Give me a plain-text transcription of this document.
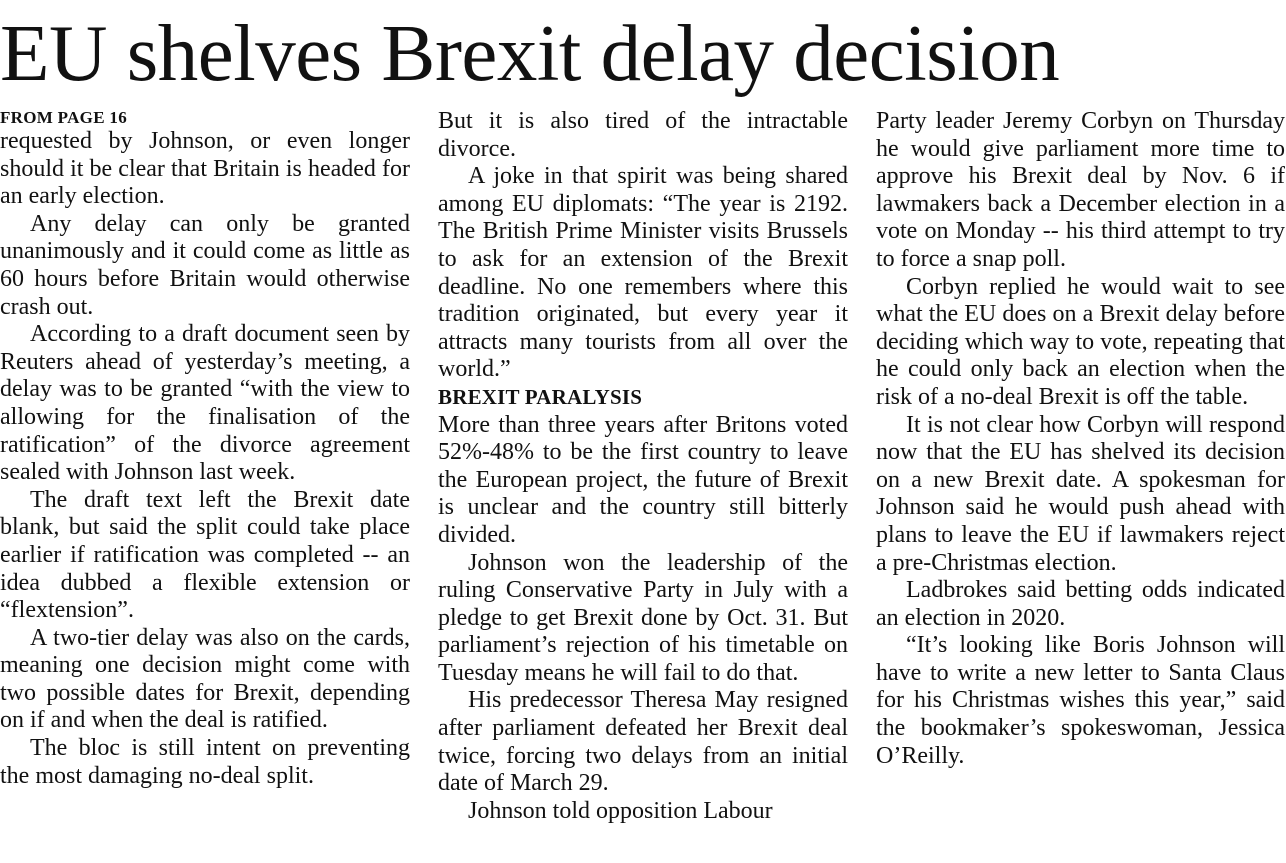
EU shelves Brexit delay decision

FROM PAGE 16

requested by Johnson, or even longer should it be clear that Britain is headed for an early election.

Any delay can only be granted unanimously and it could come as little as 60 hours before Britain would otherwise crash out.

According to a draft document seen by Reuters ahead of yesterday’s meeting, a delay was to be granted “with the view to allowing for the finalisation of the ratification” of the divorce agreement sealed with Johnson last week.

The draft text left the Brexit date blank, but said the split could take place earlier if ratification was completed -- an idea dubbed a flexible extension or “flextension”.

A two-tier delay was also on the cards, meaning one decision might come with two possible dates for Brexit, depending on if and when the deal is ratified.

The bloc is still intent on preventing the most damaging no-deal split.

But it is also tired of the intractable divorce.

A joke in that spirit was being shared among EU diplomats: “The year is 2192. The British Prime Minister visits Brussels to ask for an extension of the Brexit deadline. No one remembers where this tradition originated, but every year it attracts many tourists from all over the world.”

BREXIT PARALYSIS

More than three years after Britons voted 52%-48% to be the first country to leave the European project, the future of Brexit is unclear and the country still bitterly divided.

Johnson won the leadership of the ruling Conservative Party in July with a pledge to get Brexit done by Oct. 31. But parliament’s rejection of his timetable on Tuesday means he will fail to do that.

His predecessor Theresa May resigned after parliament defeated her Brexit deal twice, forcing two delays from an initial date of March 29.

Johnson told opposition Labour

Party leader Jeremy Corbyn on Thursday he would give parliament more time to approve his Brexit deal by Nov. 6 if lawmakers back a December election in a vote on Monday -- his third attempt to try to force a snap poll.

Corbyn replied he would wait to see what the EU does on a Brexit delay before deciding which way to vote, repeating that he could only back an election when the risk of a no-deal Brexit is off the table.

It is not clear how Corbyn will respond now that the EU has shelved its decision on a new Brexit date. A spokesman for Johnson said he would push ahead with plans to leave the EU if lawmakers reject a pre-Christmas election.

Ladbrokes said betting odds indicated an election in 2020.

“It’s looking like Boris Johnson will have to write a new letter to Santa Claus for his Christmas wishes this year,” said the bookmaker’s spokeswoman, Jessica O’Reilly.
